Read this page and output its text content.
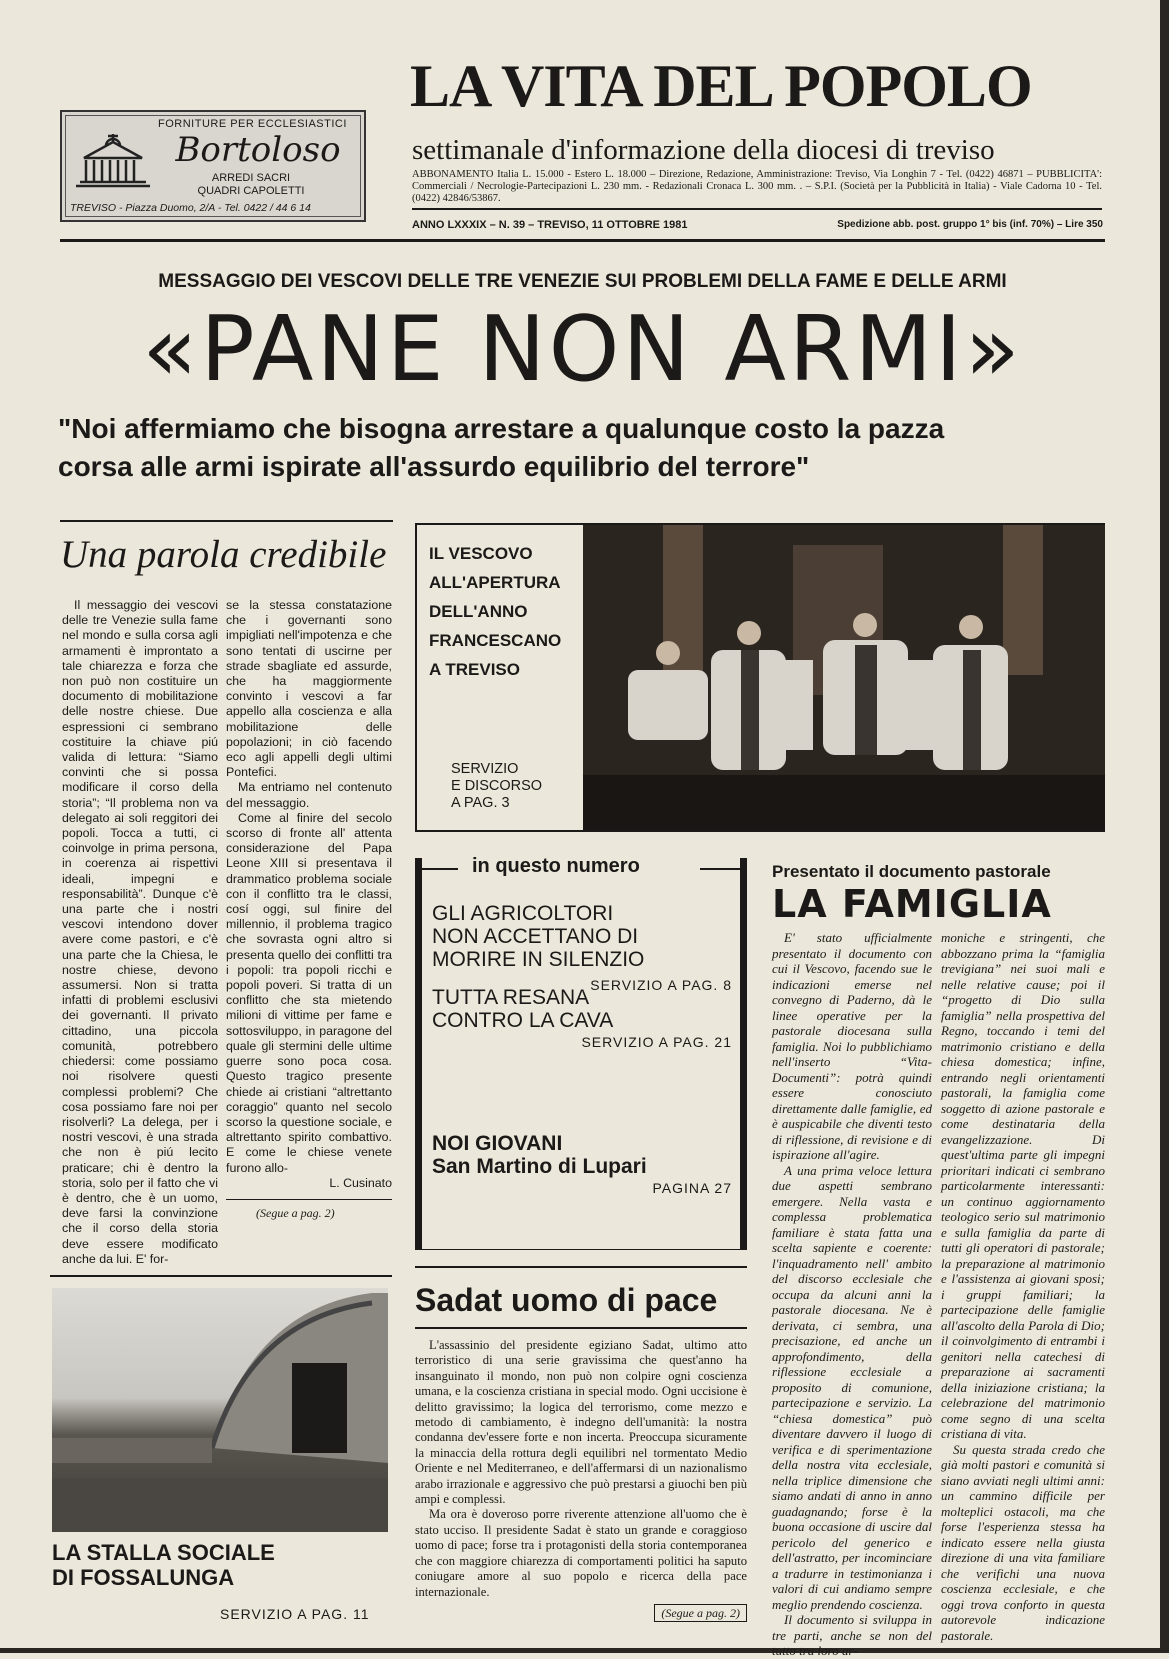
FORNITURE PER ECCLESIASTICI
Bortoloso
ARREDI SACRI
QUADRI CAPOLETTI
TREVISO - Piazza Duomo, 2/A - Tel. 0422 / 44 6 14
LA VITA DEL POPOLO
settimanale d'informazione della diocesi di treviso
ABBONAMENTO Italia L. 15.000 - Estero L. 18.000 – Direzione, Redazione, Amministrazione: Treviso, Via Longhin 7 - Tel. (0422) 46871 – PUBBLICITA': Commerciali / Necrologie-Partecipazioni L. 230 mm. - Redazionali Cronaca L. 300 mm. . – S.P.I. (Società per la Pubblicità in Italia) - Viale Cadorna 10 - Tel. (0422) 42846/53867.
ANNO LXXXIX – N. 39 – TREVISO, 11 OTTOBRE 1981	Spedizione abb. post. gruppo 1° bis (inf. 70%) – Lire 350
MESSAGGIO DEI VESCOVI DELLE TRE VENEZIE SUI PROBLEMI DELLA FAME E DELLE ARMI
«PANE NON ARMI»
"Noi affermiamo che bisogna arrestare a qualunque costo la pazza
corsa alle armi ispirate all'assurdo equilibrio del terrore"
Una parola credibile

Il messaggio dei vescovi delle tre Venezie sulla fame nel mondo e sulla corsa agli armamenti è improntato a tale chiarezza e forza che non può non costituire un documento di mobilitazione delle nostre chiese. Due espressioni ci sembrano costituire la chiave piú valida di lettura: “Siamo convinti che si possa modificare il corso della storia”; “Il problema non va delegato ai soli reggitori dei popoli. Tocca a tutti, ci coinvolge in prima persona, in coerenza ai rispettivi ideali, impegni e responsabilità”. Dunque c'è una parte che i nostri vescovi intendono dover avere come pastori, e c'è una parte che la Chiesa, le nostre chiese, devono assumersi. Non si tratta infatti di problemi esclusivi dei governanti. Il privato cittadino, una piccola comunità, potrebbero chiedersi: come possiamo noi risolvere questi complessi problemi? Che cosa possiamo fare noi per risolverli? La delega, per i nostri vescovi, è una strada che non è piú lecito praticare; chi è dentro la storia, solo per il fatto che vi è dentro, che è un uomo, deve farsi la convinzione che il corso della storia deve essere modificato anche da lui. E' for-

se la stessa constatazione che i governanti sono impigliati nell'impotenza e che sono tentati di uscirne per strade sbagliate ed assurde, che ha maggiormente convinto i vescovi a far appello alla coscienza e alla mobilitazione delle popolazioni; in ciò facendo eco agli appelli degli ultimi Pontefici.

Ma entriamo nel contenuto del messaggio.

Come al finire del secolo scorso di fronte all' attenta considerazione del Papa Leone XIII si presentava il drammatico problema sociale con il conflitto tra le classi, cosí oggi, sul finire del millennio, il problema tragico che sovrasta ogni altro si presenta quello dei conflitti tra i popoli: tra popoli ricchi e popoli poveri. Si tratta di un conflitto che sta mietendo milioni di vittime per fame e sottosviluppo, in paragone del quale gli stermini delle ultime guerre sono poca cosa. Questo tragico presente chiede ai cristiani “altrettanto coraggio” quanto nel secolo scorso la questione sociale, e altrettanto spirito combattivo. E come le chiese venete furono allo-

L. Cusinato
(Segue a pag. 2)
IL VESCOVO
ALL'APERTURA
DELL'ANNO
FRANCESCANO
A TREVISO
SERVIZIO
E DISCORSO
A PAG. 3
in questo numero
GLI AGRICOLTORI
NON ACCETTANO DI
MORIRE IN SILENZIO
SERVIZIO A PAG. 8
TUTTA RESANA
CONTRO LA CAVA
SERVIZIO A PAG. 21
NOI GIOVANI
San Martino di Lupari
PAGINA 27
Presentato il documento pastorale
LA FAMIGLIA

E' stato ufficialmente presentato il documento con cui il Vescovo, facendo sue le indicazioni emerse nel convegno di Paderno, dà le linee operative per la pastorale diocesana sulla famiglia. Noi lo pubblichiamo nell'inserto “Vita-Documenti”: potrà quindi essere conosciuto direttamente dalle famiglie, ed è auspicabile che diventi testo di riflessione, di revisione e di ispirazione all'agire.

A una prima veloce lettura due aspetti sembrano emergere. Nella vasta e complessa problematica familiare è stata fatta una scelta sapiente e coerente: l'inquadramento nell' ambito del discorso ecclesiale che occupa da alcuni anni la pastorale diocesana. Ne è derivata, ci sembra, una precisazione, ed anche un approfondimento, della riflessione ecclesiale a proposito di comunione, partecipazione e servizio. La “chiesa domestica” può diventare davvero il luogo di verifica e di sperimentazione della nostra vita ecclesiale, nella triplice dimensione che siamo andati di anno in anno guadagnando; forse è la buona occasione di uscire dal pericolo del generico e dell'astratto, per incominciare a tradurre in testimonianza i valori di cui andiamo sempre meglio prendendo coscienza.

Il documento si sviluppa in tre parti, anche se non del tutto tra loro ar-

moniche e stringenti, che abbozzano prima la “famiglia trevigiana” nei suoi mali e nelle relative cause; poi il “progetto di Dio sulla famiglia” nella prospettiva del Regno, toccando i temi del matrimonio cristiano e della chiesa domestica; infine, entrando negli orientamenti pastorali, la famiglia come soggetto di azione pastorale e come destinataria della evangelizzazione. Di quest'ultima parte gli impegni prioritari indicati ci sembrano particolarmente interessanti: un continuo aggiornamento teologico serio sul matrimonio e sulla famiglia da parte di tutti gli operatori di pastorale; la preparazione al matrimonio e l'assistenza ai giovani sposi; i gruppi familiari; la partecipazione delle famiglie all'ascolto della Parola di Dio; il coinvolgimento di entrambi i genitori nella catechesi di preparazione ai sacramenti della iniziazione cristiana; la celebrazione del matrimonio come segno di una scelta cristiana di vita.

Su questa strada credo che già molti pastori e comunità si siano avviati negli ultimi anni: un cammino difficile per molteplici ostacoli, ma che forse l'esperienza stessa ha indicato essere nella giusta direzione di una vita familiare che verifichi una nuova coscienza ecclesiale, e che oggi trova conforto in questa autorevole indicazione pastorale.

LA STALLA SOCIALE
DI FOSSALUNGA
SERVIZIO A PAG. 11
Sadat uomo di pace

L'assassinio del presidente egiziano Sadat, ultimo atto terroristico di una serie gravissima che quest'anno ha insanguinato il mondo, non può non colpire ogni coscienza umana, e la coscienza cristiana in special modo. Ogni uccisione è delitto gravissimo; la logica del terrorismo, come mezzo e metodo di cambiamento, è indegno dell'umanità: la nostra condanna dev'essere forte e non incerta. Preoccupa sicuramente la minaccia della rottura degli equilibri nel tormentato Medio Oriente e nel Mediterraneo, e dell'affermarsi di un nazionalismo arabo irrazionale e aggressivo che può prestarsi a giuochi ben più ampi e complessi.

Ma ora è doveroso porre riverente attenzione all'uomo che è stato ucciso. Il presidente Sadat è stato un grande e coraggioso uomo di pace; forse tra i protagonisti della storia contemporanea che con maggiore chiarezza di comportamenti politici ha saputo coniugare amore al suo popolo e ricerca della pace internazionale.

(Segue a pag. 2)
